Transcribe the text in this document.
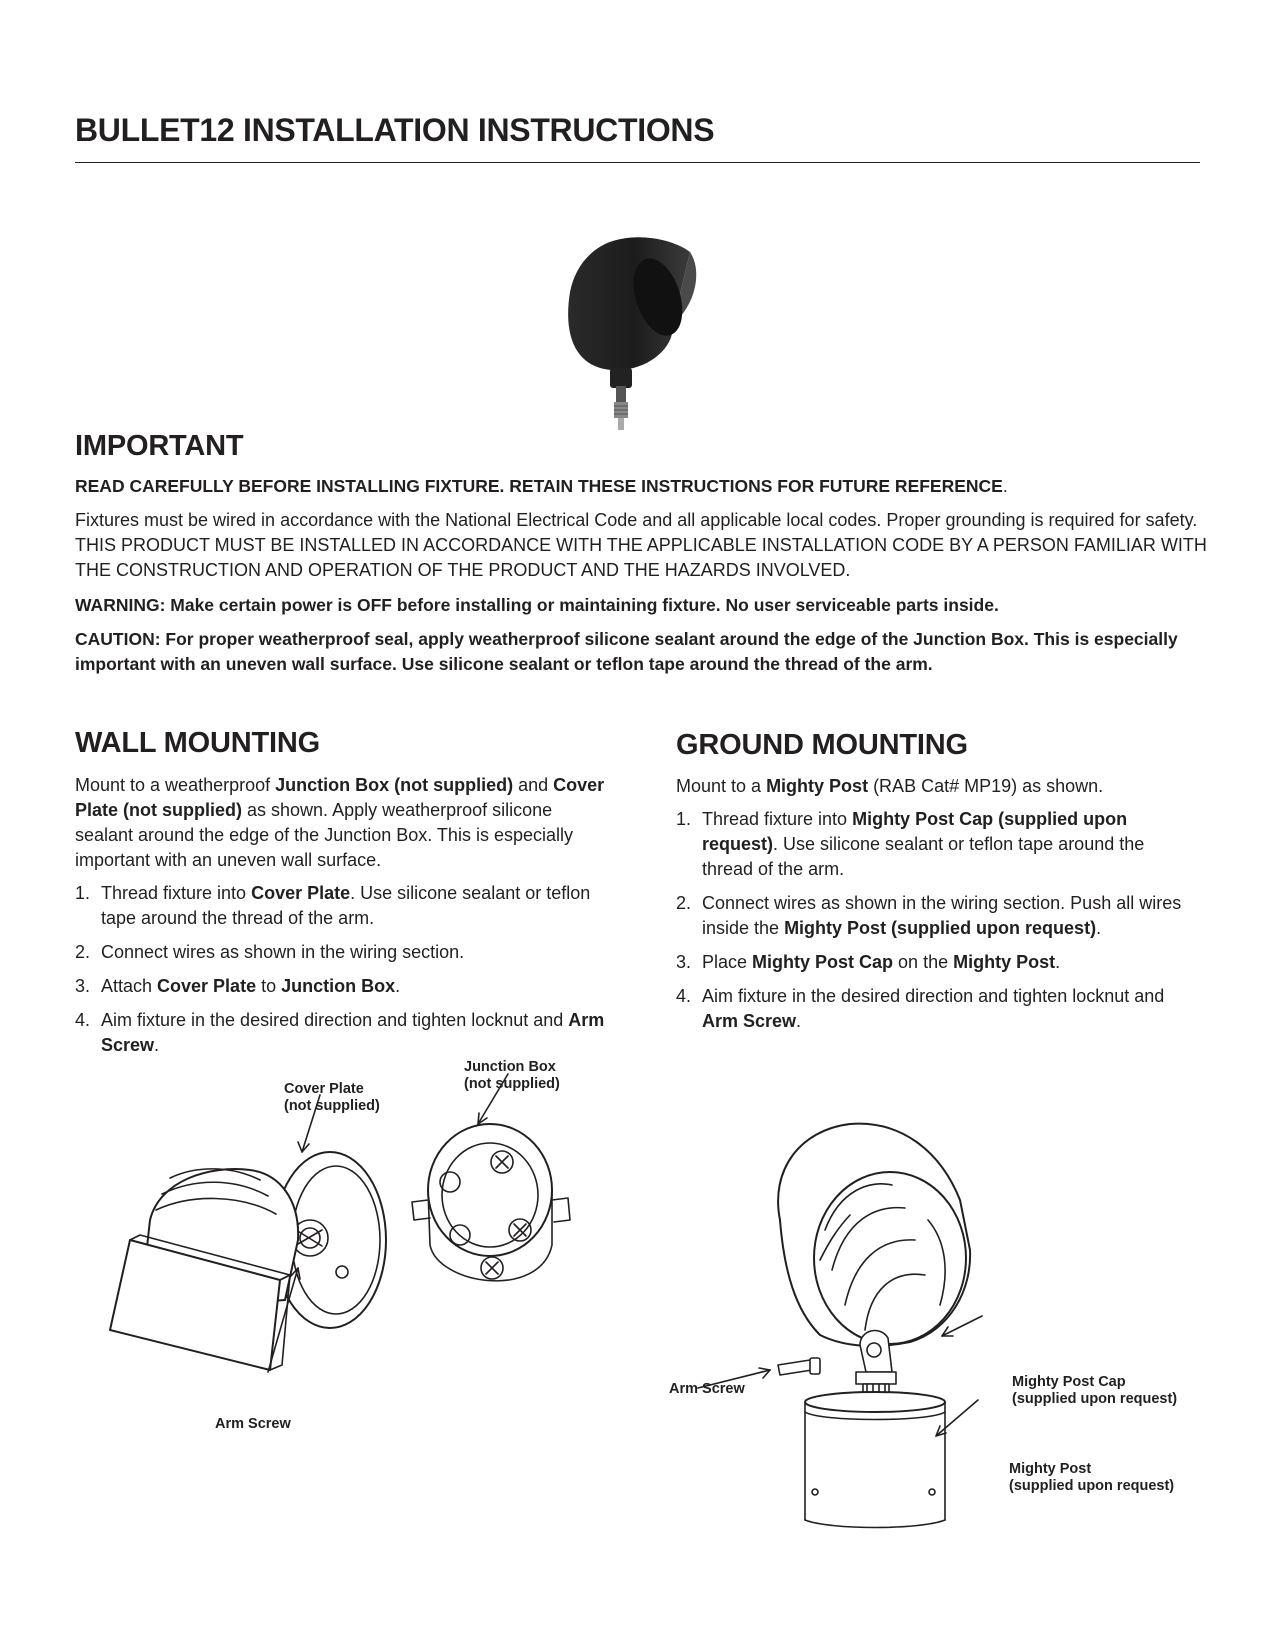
BULLET12 INSTALLATION INSTRUCTIONS
IMPORTANT
READ CAREFULLY BEFORE INSTALLING FIXTURE. RETAIN THESE INSTRUCTIONS FOR FUTURE REFERENCE.
Fixtures must be wired in accordance with the National Electrical Code and all applicable local codes. Proper grounding is required for safety. THIS PRODUCT MUST BE INSTALLED IN ACCORDANCE WITH THE APPLICABLE INSTALLATION CODE BY A PERSON FAMILIAR WITH THE CONSTRUCTION AND OPERATION OF THE PRODUCT AND THE HAZARDS INVOLVED.
WARNING: Make certain power is OFF before installing or maintaining fixture. No user serviceable parts inside.
CAUTION: For proper weatherproof seal, apply weatherproof silicone sealant around the edge of the Junction Box. This is especially important with an uneven wall surface. Use silicone sealant or teflon tape around the thread of the arm.
WALL MOUNTING
Mount to a weatherproof Junction Box (not supplied) and Cover Plate (not supplied) as shown. Apply weatherproof silicone sealant around the edge of the Junction Box. This is especially important with an uneven wall surface.
1. Thread fixture into Cover Plate. Use silicone sealant or teflon tape around the thread of the arm.
2. Connect wires as shown in the wiring section.
3. Attach Cover Plate to Junction Box.
4. Aim fixture in the desired direction and tighten locknut and Arm Screw.
GROUND MOUNTING
Mount to a Mighty Post (RAB Cat# MP19) as shown.
1. Thread fixture into Mighty Post Cap (supplied upon request). Use silicone sealant or teflon tape around the thread of the arm.
2. Connect wires as shown in the wiring section. Push all wires inside the Mighty Post (supplied upon request).
3. Place Mighty Post Cap on the Mighty Post.
4. Aim fixture in the desired direction and tighten locknut and Arm Screw.
Cover Plate
(not supplied)
Junction Box
(not supplied)
Arm Screw
Arm Screw	Mighty Post Cap
(supplied upon request)
Mighty Post
(supplied upon request)
